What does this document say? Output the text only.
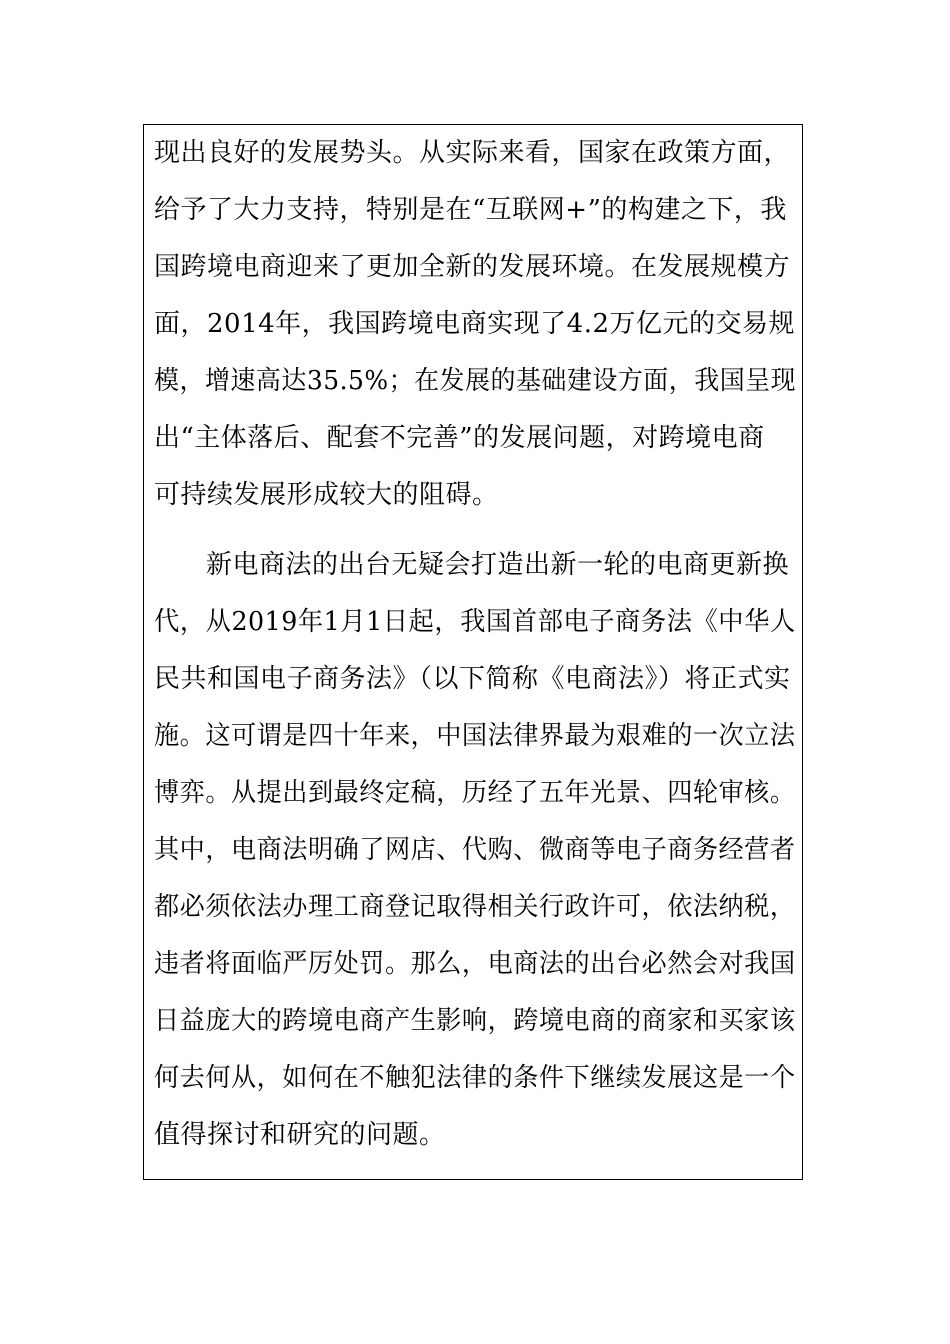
现出良好的发展势头。从实际来看，国家在政策方面，
给予了大力支持，特别是在“互联网+”的构建之下，我
国跨境电商迎来了更加全新的发展环境。在发展规模方
面，2014年，我国跨境电商实现了4.2万亿元的交易规
模，增速高达35.5%；在发展的基础建设方面，我国呈现
出“主体落后、配套不完善”的发展问题，对跨境电商
可持续发展形成较大的阻碍。
新电商法的出台无疑会打造出新一轮的电商更新换
代，从2019年1月1日起，我国首部电子商务法《中华人
民共和国电子商务法》（以下简称《电商法》）将正式实
施。这可谓是四十年来，中国法律界最为艰难的一次立法
博弈。从提出到最终定稿，历经了五年光景、四轮审核。
其中，电商法明确了网店、代购、微商等电子商务经营者
都必须依法办理工商登记取得相关行政许可，依法纳税，
违者将面临严厉处罚。那么，电商法的出台必然会对我国
日益庞大的跨境电商产生影响，跨境电商的商家和买家该
何去何从，如何在不触犯法律的条件下继续发展这是一个
值得探讨和研究的问题。
